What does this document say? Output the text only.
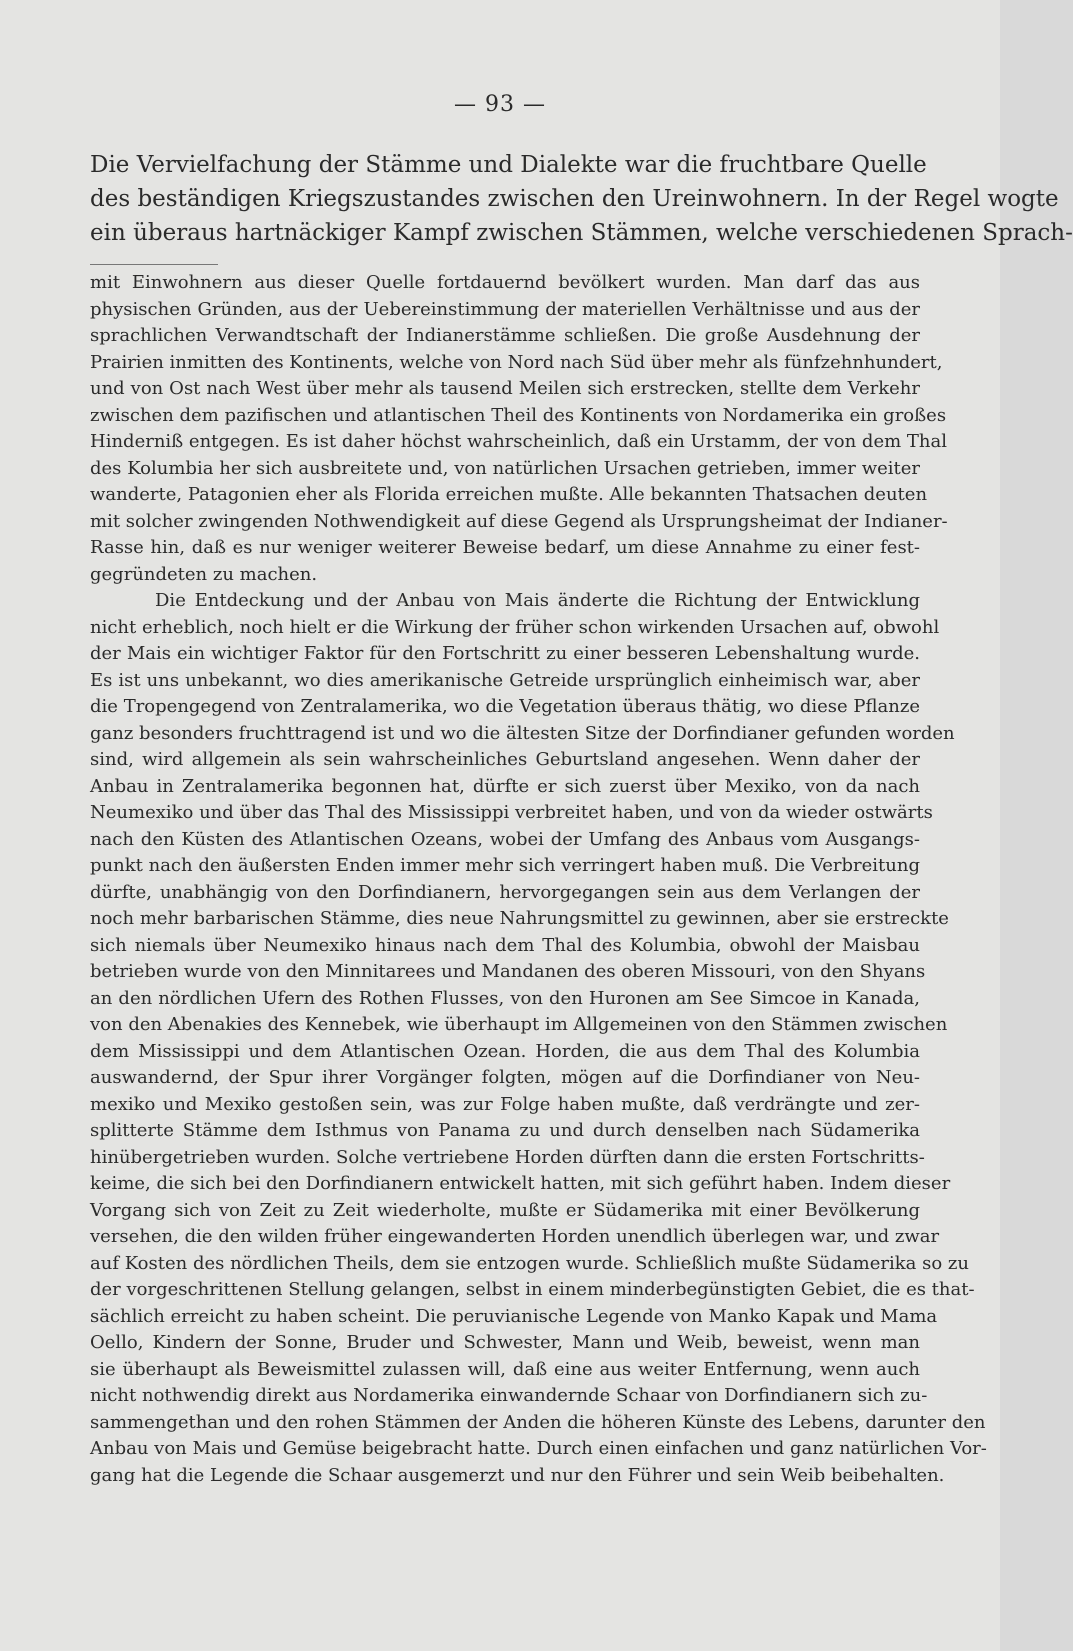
— 93 —
Die Vervielfachung der Stämme und Dialekte war die fruchtbare Quelle
des beständigen Kriegszustandes zwischen den Ureinwohnern. In der Regel wogte
ein überaus hartnäckiger Kampf zwischen Stämmen, welche verschiedenen Sprach-
mit Einwohnern aus dieser Quelle fortdauernd bevölkert wurden. Man darf das aus
physischen Gründen, aus der Uebereinstimmung der materiellen Verhältnisse und aus der
sprachlichen Verwandtschaft der Indianerstämme schließen. Die große Ausdehnung der
Prairien inmitten des Kontinents, welche von Nord nach Süd über mehr als fünfzehnhundert,
und von Ost nach West über mehr als tausend Meilen sich erstrecken, stellte dem Verkehr
zwischen dem pazifischen und atlantischen Theil des Kontinents von Nordamerika ein großes
Hinderniß entgegen. Es ist daher höchst wahrscheinlich, daß ein Urstamm, der von dem Thal
des Kolumbia her sich ausbreitete und, von natürlichen Ursachen getrieben, immer weiter
wanderte, Patagonien eher als Florida erreichen mußte. Alle bekannten Thatsachen deuten
mit solcher zwingenden Nothwendigkeit auf diese Gegend als Ursprungsheimat der Indianer-
Rasse hin, daß es nur weniger weiterer Beweise bedarf, um diese Annahme zu einer fest-
gegründeten zu machen.
Die Entdeckung und der Anbau von Mais änderte die Richtung der Entwicklung
nicht erheblich, noch hielt er die Wirkung der früher schon wirkenden Ursachen auf, obwohl
der Mais ein wichtiger Faktor für den Fortschritt zu einer besseren Lebenshaltung wurde.
Es ist uns unbekannt, wo dies amerikanische Getreide ursprünglich einheimisch war, aber
die Tropengegend von Zentralamerika, wo die Vegetation überaus thätig, wo diese Pflanze
ganz besonders fruchttragend ist und wo die ältesten Sitze der Dorfindianer gefunden worden
sind, wird allgemein als sein wahrscheinliches Geburtsland angesehen. Wenn daher der
Anbau in Zentralamerika begonnen hat, dürfte er sich zuerst über Mexiko, von da nach
Neumexiko und über das Thal des Mississippi verbreitet haben, und von da wieder ostwärts
nach den Küsten des Atlantischen Ozeans, wobei der Umfang des Anbaus vom Ausgangs-
punkt nach den äußersten Enden immer mehr sich verringert haben muß. Die Verbreitung
dürfte, unabhängig von den Dorfindianern, hervorgegangen sein aus dem Verlangen der
noch mehr barbarischen Stämme, dies neue Nahrungsmittel zu gewinnen, aber sie erstreckte
sich niemals über Neumexiko hinaus nach dem Thal des Kolumbia, obwohl der Maisbau
betrieben wurde von den Minnitarees und Mandanen des oberen Missouri, von den Shyans
an den nördlichen Ufern des Rothen Flusses, von den Huronen am See Simcoe in Kanada,
von den Abenakies des Kennebek, wie überhaupt im Allgemeinen von den Stämmen zwischen
dem Mississippi und dem Atlantischen Ozean. Horden, die aus dem Thal des Kolumbia
auswandernd, der Spur ihrer Vorgänger folgten, mögen auf die Dorfindianer von Neu-
mexiko und Mexiko gestoßen sein, was zur Folge haben mußte, daß verdrängte und zer-
splitterte Stämme dem Isthmus von Panama zu und durch denselben nach Südamerika
hinübergetrieben wurden. Solche vertriebene Horden dürften dann die ersten Fortschritts-
keime, die sich bei den Dorfindianern entwickelt hatten, mit sich geführt haben. Indem dieser
Vorgang sich von Zeit zu Zeit wiederholte, mußte er Südamerika mit einer Bevölkerung
versehen, die den wilden früher eingewanderten Horden unendlich überlegen war, und zwar
auf Kosten des nördlichen Theils, dem sie entzogen wurde. Schließlich mußte Südamerika so zu
der vorgeschrittenen Stellung gelangen, selbst in einem minderbegünstigten Gebiet, die es that-
sächlich erreicht zu haben scheint. Die peruvianische Legende von Manko Kapak und Mama
Oello, Kindern der Sonne, Bruder und Schwester, Mann und Weib, beweist, wenn man
sie überhaupt als Beweismittel zulassen will, daß eine aus weiter Entfernung, wenn auch
nicht nothwendig direkt aus Nordamerika einwandernde Schaar von Dorfindianern sich zu-
sammengethan und den rohen Stämmen der Anden die höheren Künste des Lebens, darunter den
Anbau von Mais und Gemüse beigebracht hatte. Durch einen einfachen und ganz natürlichen Vor-
gang hat die Legende die Schaar ausgemerzt und nur den Führer und sein Weib beibehalten.
